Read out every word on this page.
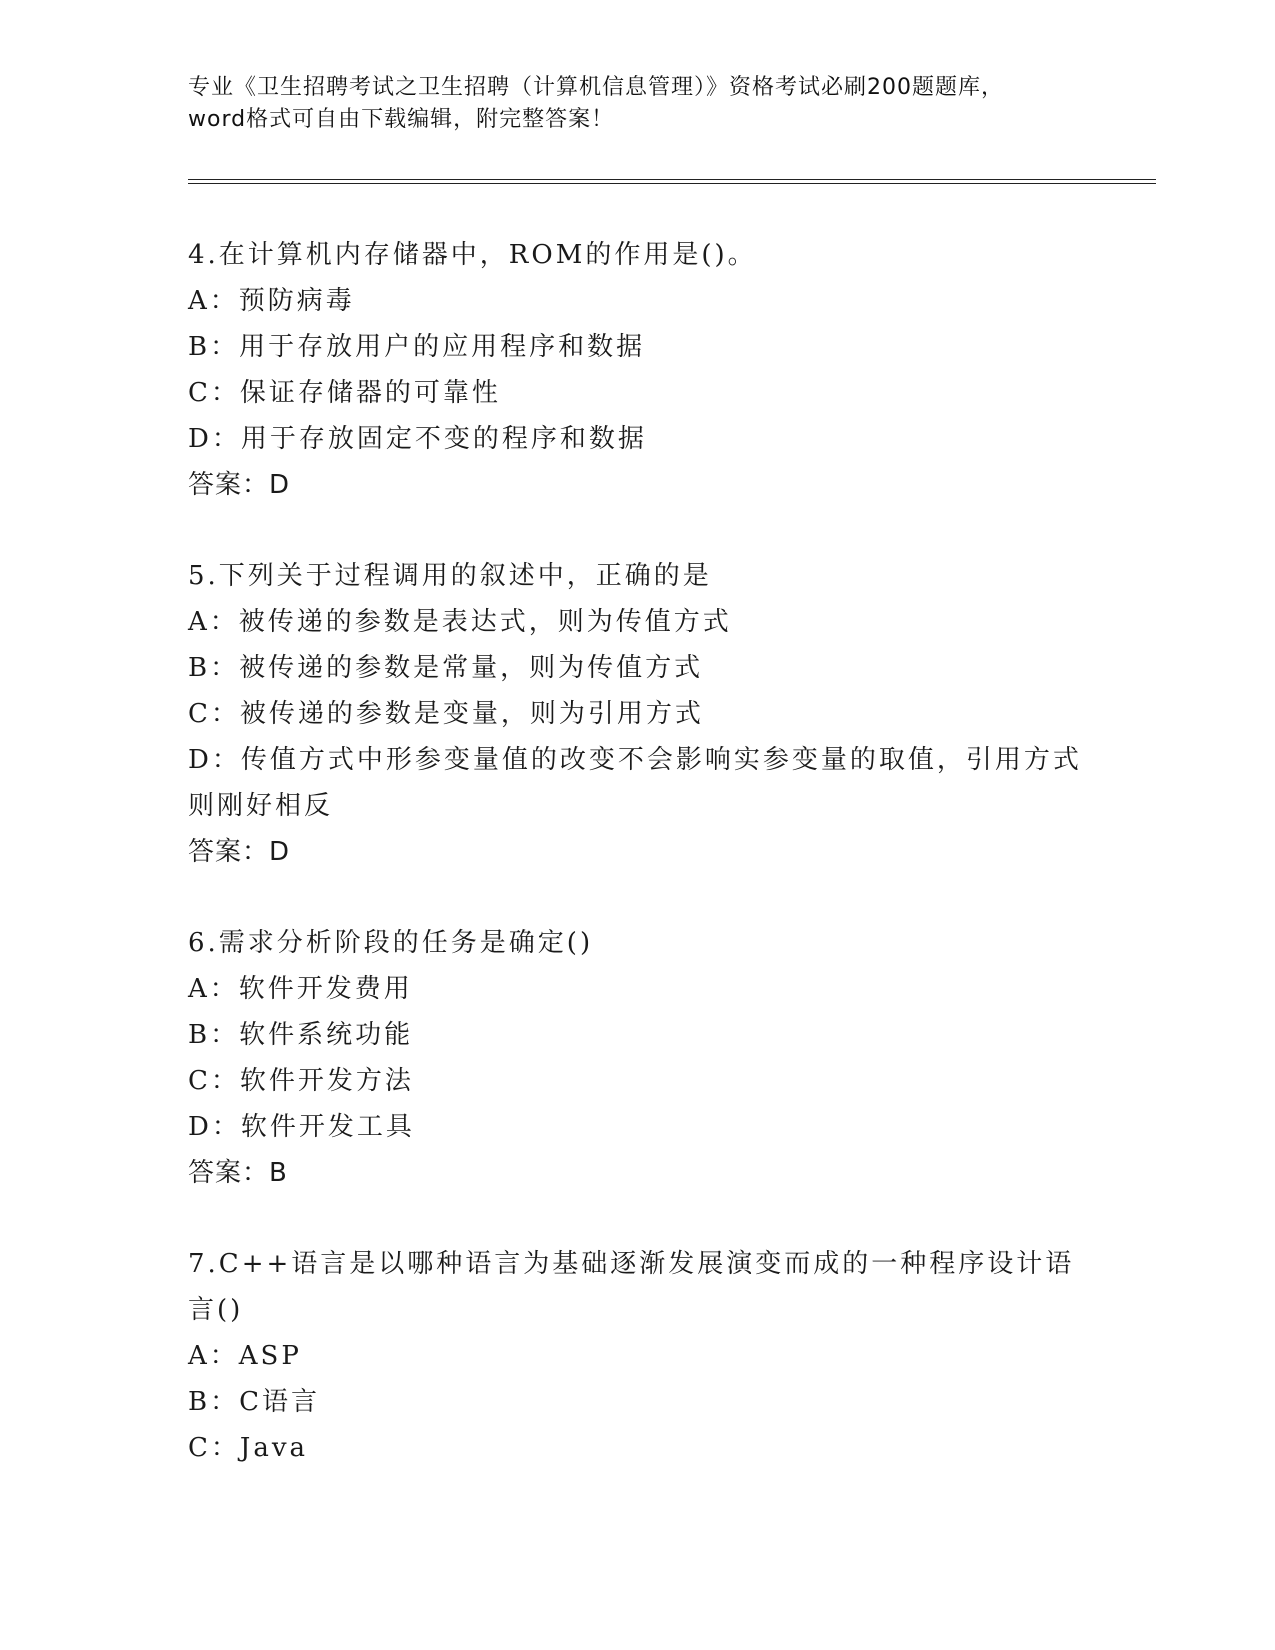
专业《卫生招聘考试之卫生招聘（计算机信息管理）》资格考试必刷200题题库，
word格式可自由下载编辑，附完整答案！
4.在计算机内存储器中，ROM的作用是()。
A：预防病毒
B：用于存放用户的应用程序和数据
C：保证存储器的可靠性
D：用于存放固定不变的程序和数据
答案：D
5.下列关于过程调用的叙述中，正确的是
A：被传递的参数是表达式，则为传值方式
B：被传递的参数是常量，则为传值方式
C：被传递的参数是变量，则为引用方式
D：传值方式中形参变量值的改变不会影响实参变量的取值，引用方式则刚好相反
答案：D
6.需求分析阶段的任务是确定()
A：软件开发费用
B：软件系统功能
C：软件开发方法
D：软件开发工具
答案：B
7.C++语言是以哪种语言为基础逐渐发展演变而成的一种程序设计语言()
A：ASP
B：C语言
C：Java
